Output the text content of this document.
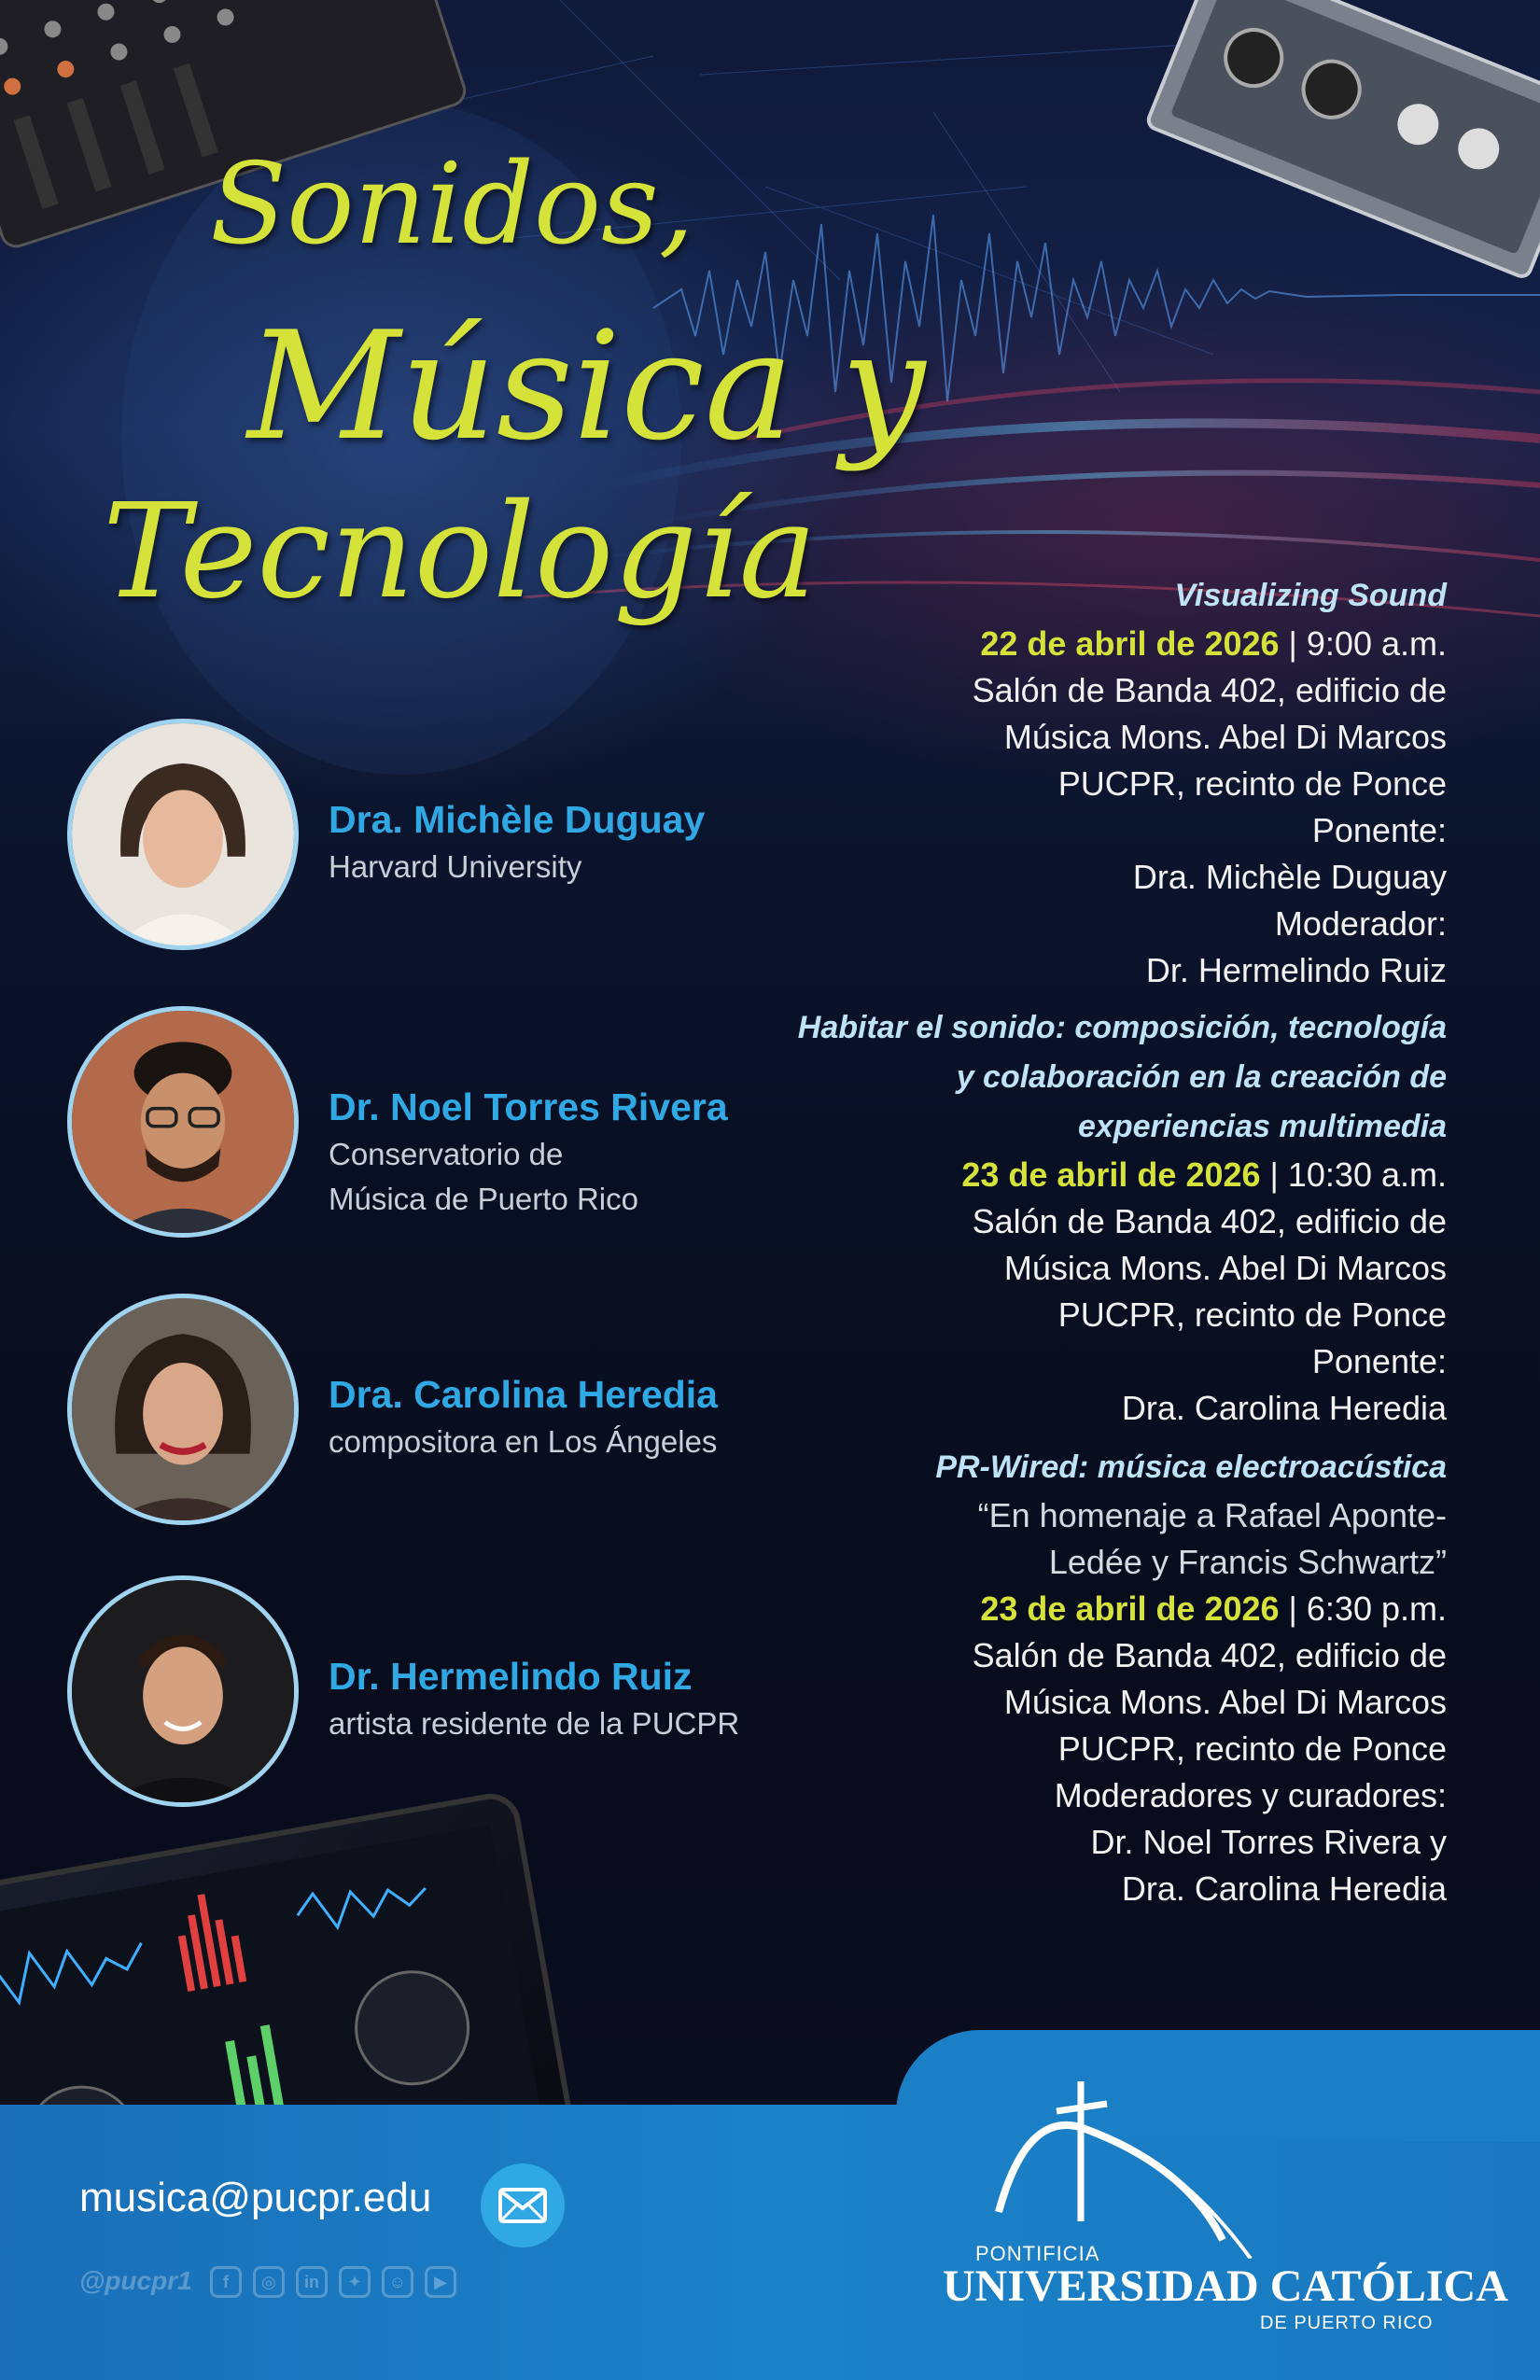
Sonidos,
Música y
Tecnología
Dra. Michèle Duguay
Harvard University
Dr. Noel Torres Rivera
Conservatorio de
Música de Puerto Rico
Dra. Carolina Heredia
compositora en Los Ángeles
Dr. Hermelindo Ruiz
artista residente de la PUCPR
Visualizing Sound
22 de abril de 2026 | 9:00 a.m.
Salón de Banda 402, edificio de
Música Mons. Abel Di Marcos
PUCPR, recinto de Ponce
Ponente:
Dra. Michèle Duguay
Moderador:
Dr. Hermelindo Ruiz
Habitar el sonido: composición, tecnología
y colaboración en la creación de
experiencias multimedia
23 de abril de 2026 | 10:30 a.m.
Salón de Banda 402, edificio de
Música Mons. Abel Di Marcos
PUCPR, recinto de Ponce
Ponente:
Dra. Carolina Heredia
PR-Wired: música electroacústica
“En homenaje a Rafael Aponte-
Ledée y Francis Schwartz”
23 de abril de 2026 | 6:30 p.m.
Salón de Banda 402, edificio de
Música Mons. Abel Di Marcos
PUCPR, recinto de Ponce
Moderadores y curadores:
Dr. Noel Torres Rivera y
Dra. Carolina Heredia
musica@pucpr.edu
@pucpr1	f	◎	in	✦	☺	▶
PONTIFICIA
UNIVERSIDAD CATÓLICA
DE PUERTO RICO
